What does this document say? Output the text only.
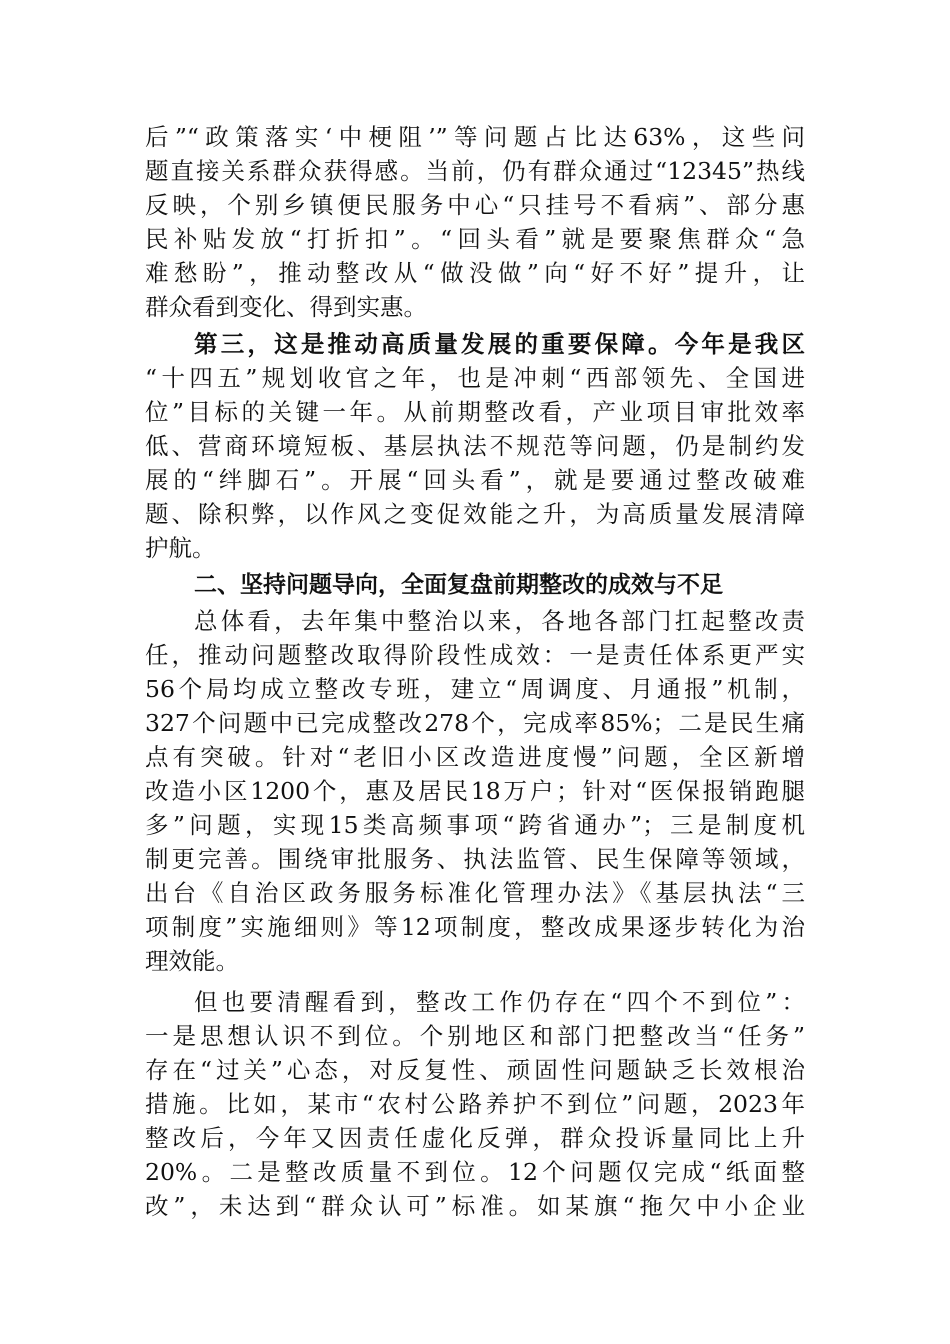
后”“政策落实‘中梗阻’”等问题占比达63%，这些问
题直接关系群众获得感。当前，仍有群众通过“12345”热线
反映，个别乡镇便民服务中心“只挂号不看病”、部分惠
民补贴发放“打折扣”。“回头看”就是要聚焦群众“急
难愁盼”，推动整改从“做没做”向“好不好”提升，让
群众看到变化、得到实惠。
第三，这是推动高质量发展的重要保障。今年是我区
“十四五”规划收官之年，也是冲刺“西部领先、全国进
位”目标的关键一年。从前期整改看，产业项目审批效率
低、营商环境短板、基层执法不规范等问题，仍是制约发
展的“绊脚石”。开展“回头看”，就是要通过整改破难
题、除积弊，以作风之变促效能之升，为高质量发展清障
护航。
二、坚持问题导向，全面复盘前期整改的成效与不足
总体看，去年集中整治以来，各地各部门扛起整改责
任，推动问题整改取得阶段性成效：一是责任体系更严实
56个局均成立整改专班，建立“周调度、月通报”机制，
327个问题中已完成整改278个，完成率85%；二是民生痛
点有突破。针对“老旧小区改造进度慢”问题，全区新增
改造小区1200个，惠及居民18万户；针对“医保报销跑腿
多”问题，实现15类高频事项“跨省通办”；三是制度机
制更完善。围绕审批服务、执法监管、民生保障等领域，
出台《自治区政务服务标准化管理办法》《基层执法“三
项制度”实施细则》等12项制度，整改成果逐步转化为治
理效能。
但也要清醒看到，整改工作仍存在“四个不到位”：
一是思想认识不到位。个别地区和部门把整改当“任务”
存在“过关”心态，对反复性、顽固性问题缺乏长效根治
措施。比如，某市“农村公路养护不到位”问题，2023年
整改后，今年又因责任虚化反弹，群众投诉量同比上升
20%。二是整改质量不到位。12个问题仅完成“纸面整
改”，未达到“群众认可”标准。如某旗“拖欠中小企业
